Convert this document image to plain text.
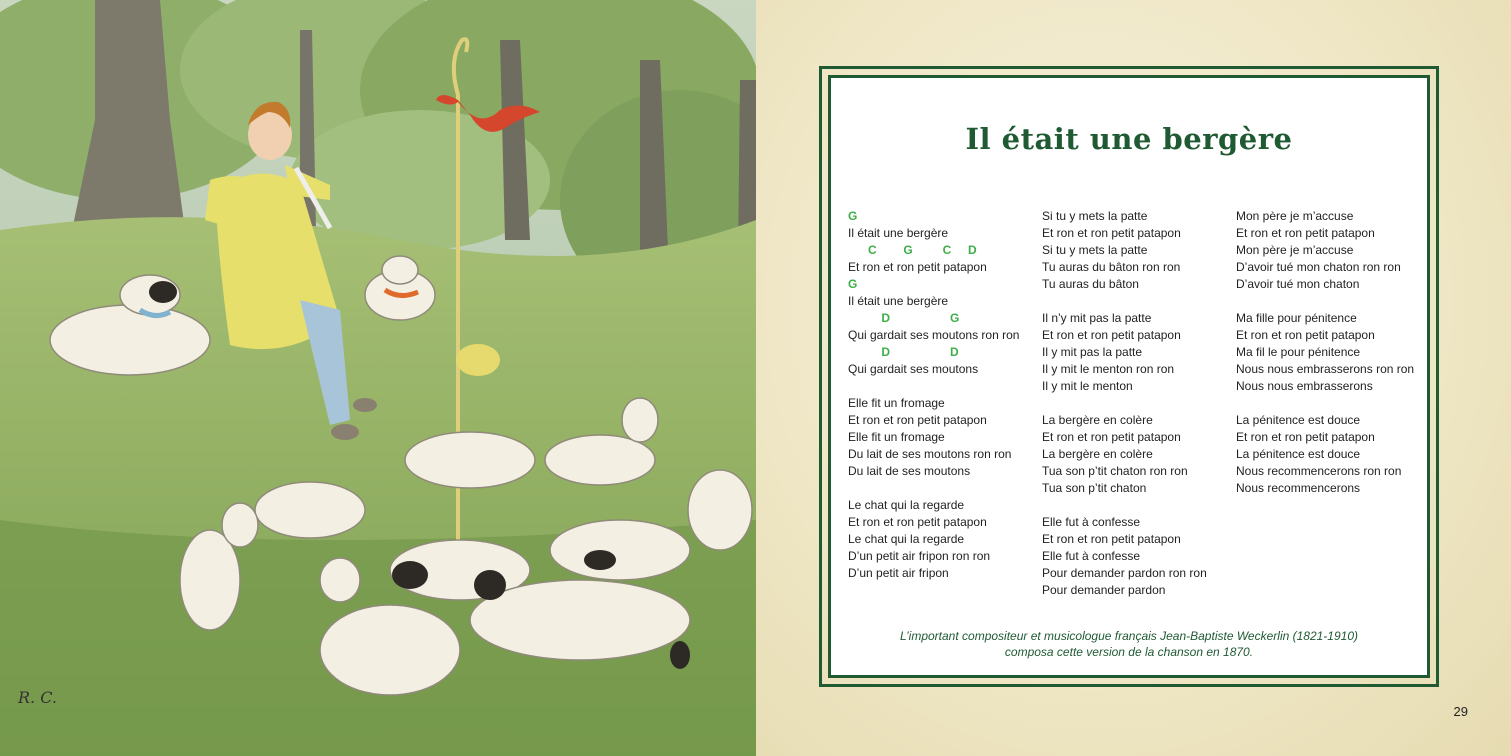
R. C.
Il était une bergère
G
Il était une bergère
C        G         C     D
Et ron et ron petit patapon
G
Il était une bergère
D                  G
Qui gardait ses moutons ron ron
D                  D
Qui gardait ses moutons
Elle fit un fromage
Et ron et ron petit patapon
Elle fit un fromage
Du lait de ses moutons ron ron
Du lait de ses moutons
Le chat qui la regarde
Et ron et ron petit patapon
Le chat qui la regarde
D’un petit air fripon ron ron
D’un petit air fripon
Si tu y mets la patte
Et ron et ron petit patapon
Si tu y mets la patte
Tu auras du bâton ron ron
Tu auras du bâton
Il n’y mit pas la patte
Et ron et ron petit patapon
Il y mit pas la patte
Il y mit le menton ron ron
Il y mit le menton
La bergère en colère
Et ron et ron petit patapon
La bergère en colère
Tua son p’tit chaton ron ron
Tua son p’tit chaton
Elle fut à confesse
Et ron et ron petit patapon
Elle fut à confesse
Pour demander pardon ron ron
Pour demander pardon
Mon père je m’accuse
Et ron et ron petit patapon
Mon père je m’accuse
D’avoir tué mon chaton ron ron
D’avoir tué mon chaton
Ma fille pour pénitence
Et ron et ron petit patapon
Ma fil le pour pénitence
Nous nous embrasserons ron ron
Nous nous embrasserons
La pénitence est douce
Et ron et ron petit patapon
La pénitence est douce
Nous recommencerons ron ron
Nous recommencerons
L’important compositeur et musicologue français Jean-Baptiste Weckerlin (1821-1910)
composa cette version de la chanson en 1870.
29
